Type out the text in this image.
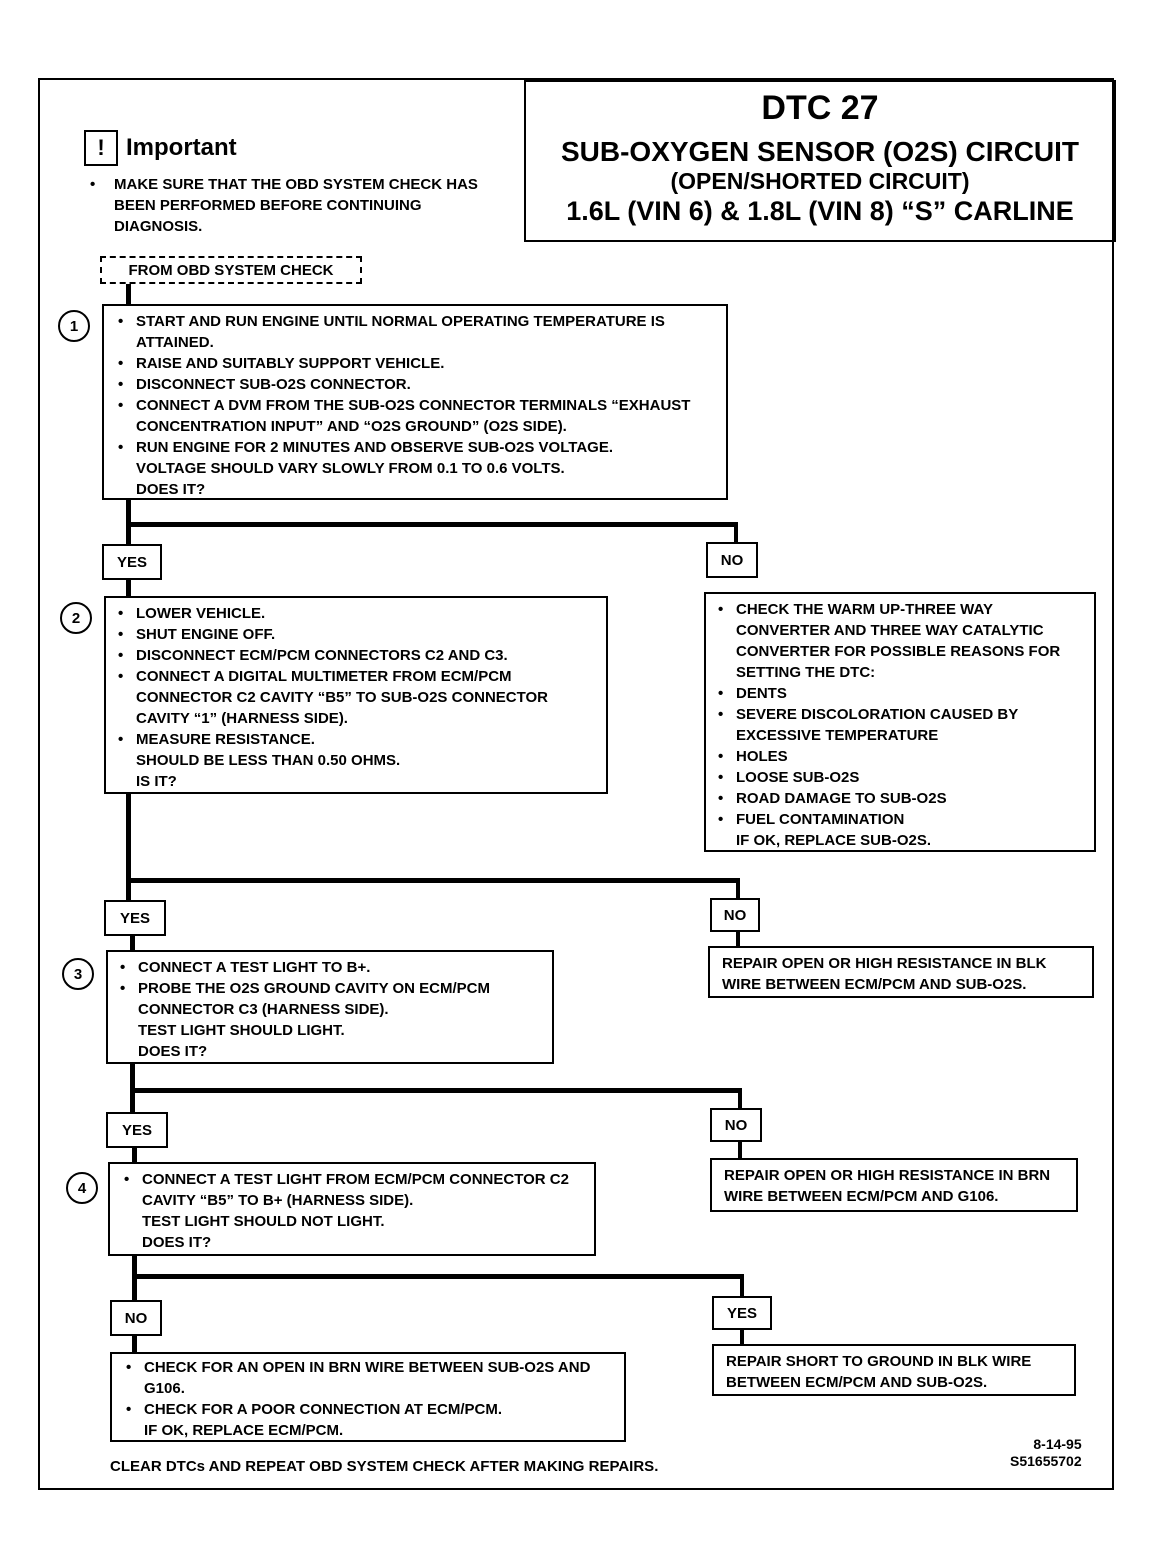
DTC 27
SUB-OXYGEN SENSOR (O2S) CIRCUIT
(OPEN/SHORTED CIRCUIT)
1.6L (VIN 6) & 1.8L (VIN 8) “S” CARLINE
! Important
• MAKE SURE THAT THE OBD SYSTEM CHECK HAS BEEN PERFORMED BEFORE CONTINUING DIAGNOSIS.
FROM OBD SYSTEM CHECK
1	• START AND RUN ENGINE UNTIL NORMAL OPERATING TEMPERATURE IS ATTAINED.
• RAISE AND SUITABLY SUPPORT VEHICLE.
• DISCONNECT SUB-O2S CONNECTOR.
• CONNECT A DVM FROM THE SUB-O2S CONNECTOR TERMINALS “EXHAUST CONCENTRATION INPUT” AND “O2S GROUND” (O2S SIDE).
• RUN ENGINE FOR 2 MINUTES AND OBSERVE SUB-O2S VOLTAGE.
VOLTAGE SHOULD VARY SLOWLY FROM 0.1 TO 0.6 VOLTS.
DOES IT?
YES	NO
2	• LOWER VEHICLE.
• SHUT ENGINE OFF.
• DISCONNECT ECM/PCM CONNECTORS C2 AND C3.
• CONNECT A DIGITAL MULTIMETER FROM ECM/PCM CONNECTOR C2 CAVITY “B5” TO SUB-O2S CONNECTOR CAVITY “1” (HARNESS SIDE).
• MEASURE RESISTANCE.
SHOULD BE LESS THAN 0.50 OHMS.
IS IT?
• CHECK THE WARM UP-THREE WAY CONVERTER AND THREE WAY CATALYTIC CONVERTER FOR POSSIBLE REASONS FOR SETTING THE DTC:
• DENTS
• SEVERE DISCOLORATION CAUSED BY EXCESSIVE TEMPERATURE
• HOLES
• LOOSE SUB-O2S
• ROAD DAMAGE TO SUB-O2S
• FUEL CONTAMINATION
IF OK, REPLACE SUB-O2S.
YES	NO
REPAIR OPEN OR HIGH RESISTANCE IN BLK WIRE BETWEEN ECM/PCM AND SUB-O2S.
3	• CONNECT A TEST LIGHT TO B+.
• PROBE THE O2S GROUND CAVITY ON ECM/PCM CONNECTOR C3 (HARNESS SIDE).
TEST LIGHT SHOULD LIGHT.
DOES IT?
YES	NO
REPAIR OPEN OR HIGH RESISTANCE IN BRN WIRE BETWEEN ECM/PCM AND G106.
4	• CONNECT A TEST LIGHT FROM ECM/PCM CONNECTOR C2 CAVITY “B5” TO B+ (HARNESS SIDE).
TEST LIGHT SHOULD NOT LIGHT.
DOES IT?
NO	YES
• CHECK FOR AN OPEN IN BRN WIRE BETWEEN SUB-O2S AND G106.
• CHECK FOR A POOR CONNECTION AT ECM/PCM.
IF OK, REPLACE ECM/PCM.
REPAIR SHORT TO GROUND IN BLK WIRE BETWEEN ECM/PCM AND SUB-O2S.
CLEAR DTCs AND REPEAT OBD SYSTEM CHECK AFTER MAKING REPAIRS.
8-14-95
S51655702
